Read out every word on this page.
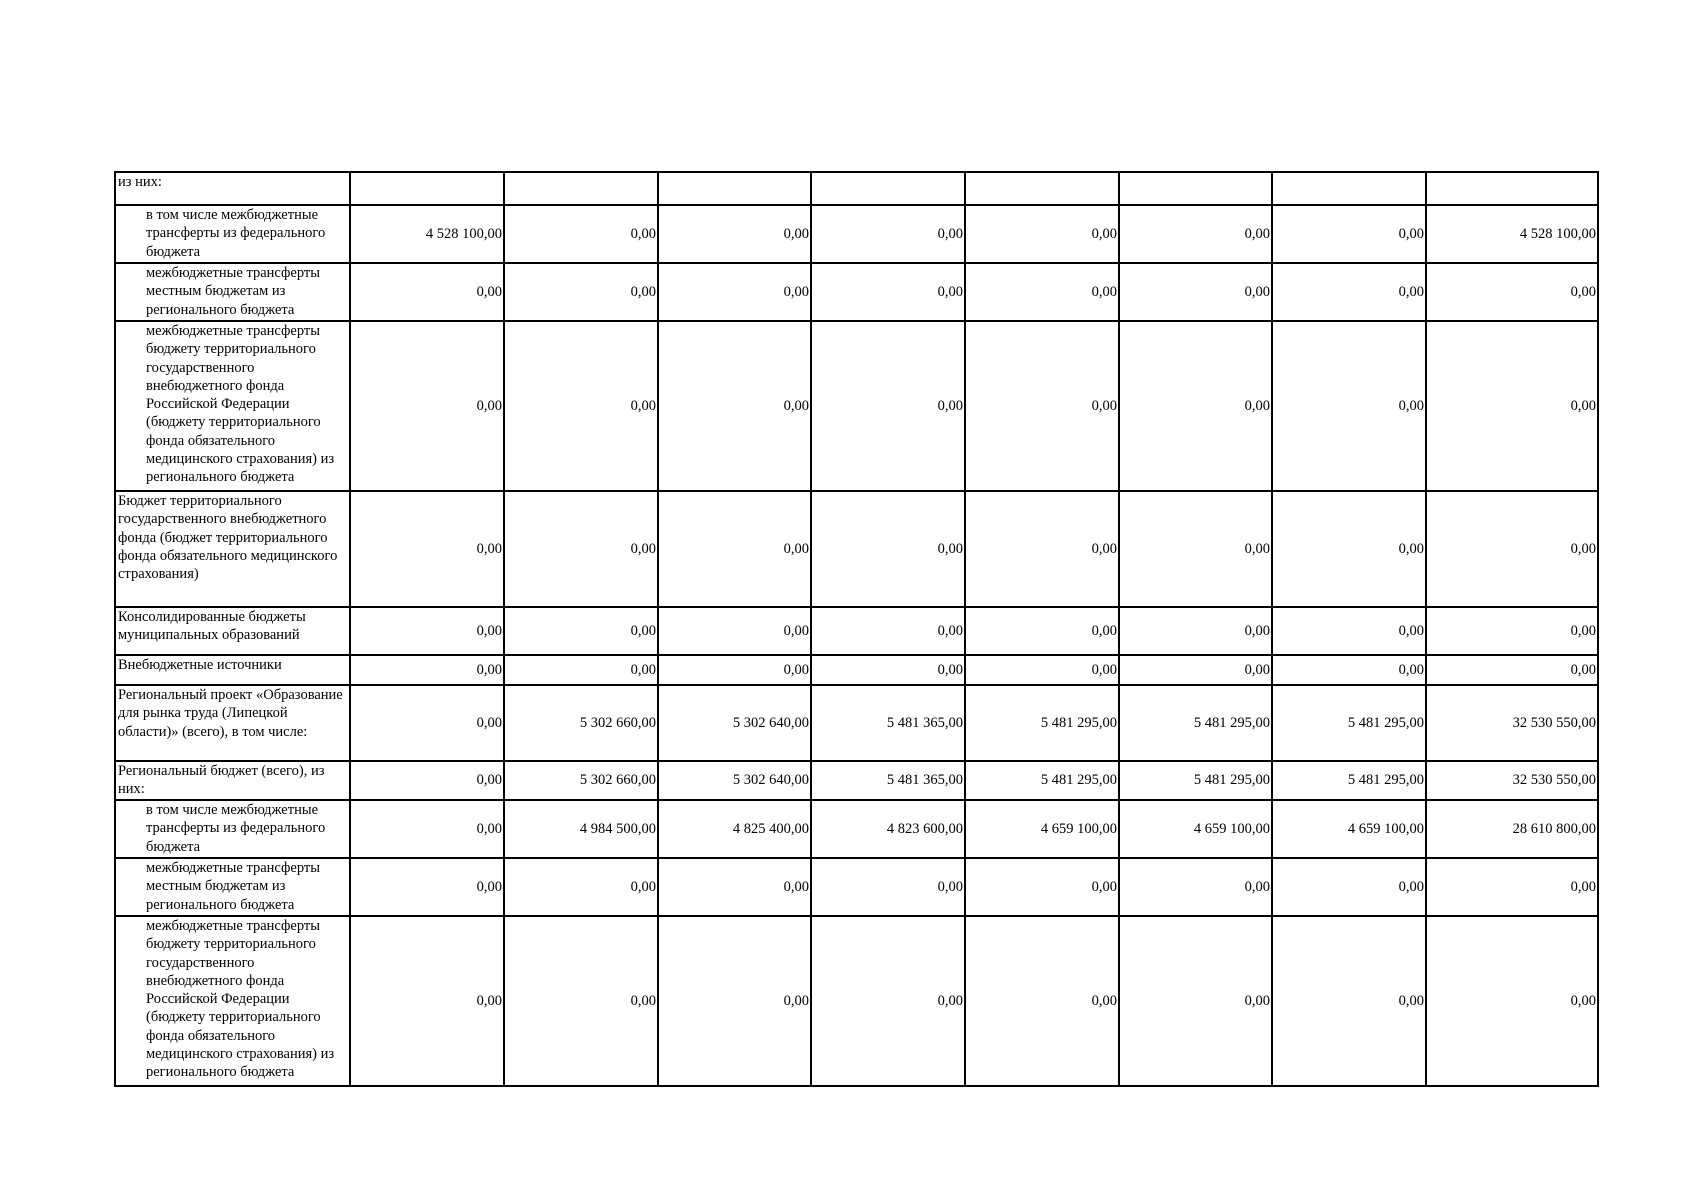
из них:								
в том числе межбюджетные трансферты из федерального бюджета	4 528 100,00	0,00	0,00	0,00	0,00	0,00	0,00	4 528 100,00
межбюджетные трансферты местным бюджетам из регионального бюджета	0,00	0,00	0,00	0,00	0,00	0,00	0,00	0,00
межбюджетные трансферты бюджету территориального государственного внебюджетного фонда Российской Федерации (бюджету территориального фонда обязательного медицинского страхования) из регионального бюджета	0,00	0,00	0,00	0,00	0,00	0,00	0,00	0,00
Бюджет территориального государственного внебюджетного фонда (бюджет территориального фонда обязательного медицинского страхования)	0,00	0,00	0,00	0,00	0,00	0,00	0,00	0,00
Консолидированные бюджеты муниципальных образований	0,00	0,00	0,00	0,00	0,00	0,00	0,00	0,00
Внебюджетные источники	0,00	0,00	0,00	0,00	0,00	0,00	0,00	0,00
Региональный проект «Образование для рынка труда (Липецкой области)» (всего), в том числе:	0,00	5 302 660,00	5 302 640,00	5 481 365,00	5 481 295,00	5 481 295,00	5 481 295,00	32 530 550,00
Региональный бюджет (всего), из них:	0,00	5 302 660,00	5 302 640,00	5 481 365,00	5 481 295,00	5 481 295,00	5 481 295,00	32 530 550,00
в том числе межбюджетные трансферты из федерального бюджета	0,00	4 984 500,00	4 825 400,00	4 823 600,00	4 659 100,00	4 659 100,00	4 659 100,00	28 610 800,00
межбюджетные трансферты местным бюджетам из регионального бюджета	0,00	0,00	0,00	0,00	0,00	0,00	0,00	0,00
межбюджетные трансферты бюджету территориального государственного внебюджетного фонда Российской Федерации (бюджету территориального фонда обязательного медицинского страхования) из регионального бюджета	0,00	0,00	0,00	0,00	0,00	0,00	0,00	0,00
